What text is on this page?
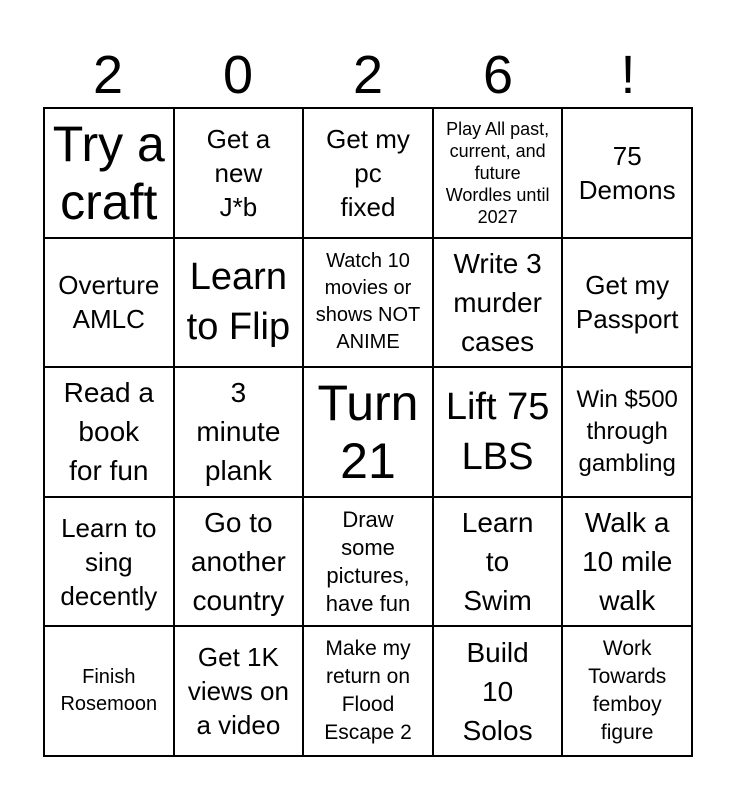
2	0	2	6	!
Try a
craft
Get a
new
J*b
Get my
pc
fixed
Play All past,
current, and
future
Wordles until
2027
75
Demons
Overture
AMLC
Learn
to Flip
Watch 10
movies or
shows NOT
ANIME
Write 3
murder
cases
Get my
Passport
Read a
book
for fun
3
minute
plank
Turn
21
Lift 75
LBS
Win $500
through
gambling
Learn to
sing
decently
Go to
another
country
Draw
some
pictures,
have fun
Learn
to
Swim
Walk a
10 mile
walk
Finish
Rosemoon
Get 1K
views on
a video
Make my
return on
Flood
Escape 2
Build
10
Solos
Work
Towards
femboy
figure
